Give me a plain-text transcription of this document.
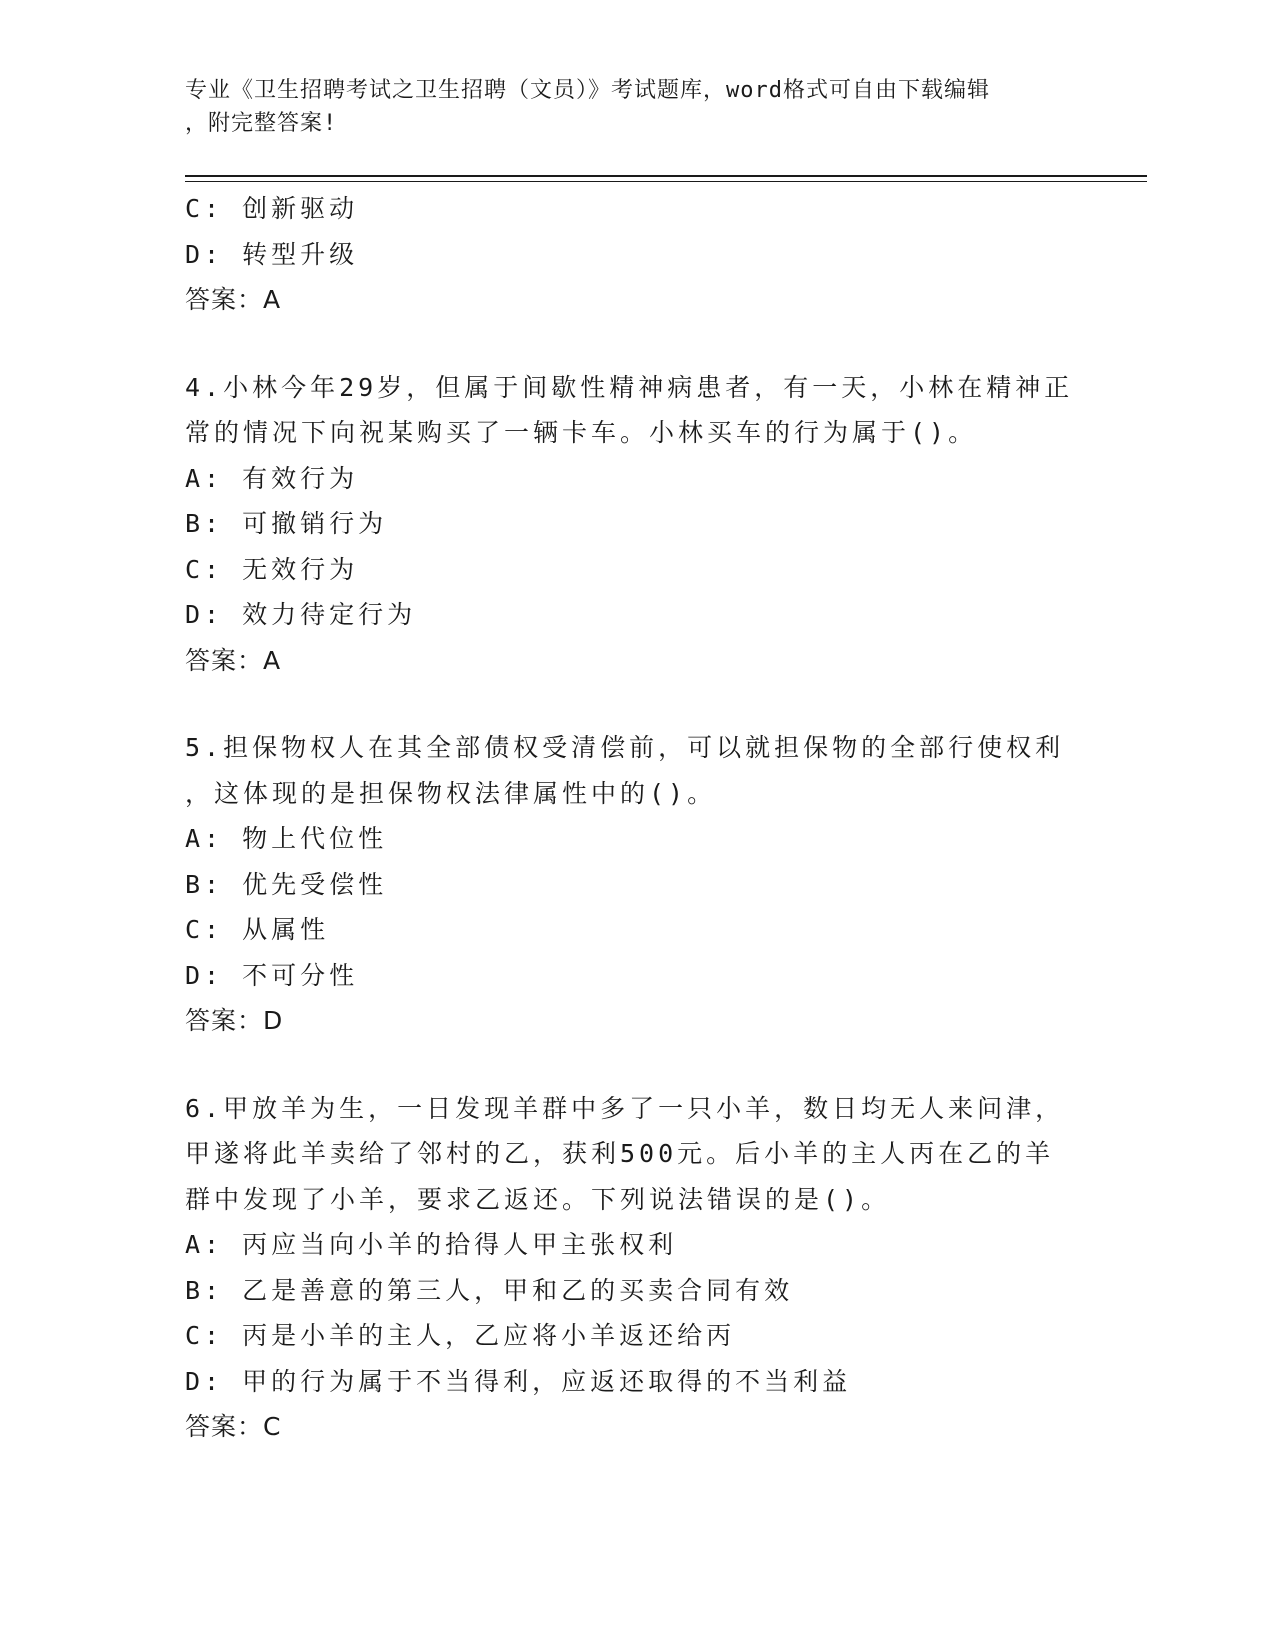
专业《卫生招聘考试之卫生招聘（文员）》考试题库，word格式可自由下载编辑
，附完整答案!
C: 创新驱动
D: 转型升级
答案：A
4.小林今年29岁，但属于间歇性精神病患者，有一天，小林在精神正
常的情况下向祝某购买了一辆卡车。小林买车的行为属于()。
A: 有效行为
B: 可撤销行为
C: 无效行为
D: 效力待定行为
答案：A
5.担保物权人在其全部债权受清偿前，可以就担保物的全部行使权利
，这体现的是担保物权法律属性中的()。
A: 物上代位性
B: 优先受偿性
C: 从属性
D: 不可分性
答案：D
6.甲放羊为生，一日发现羊群中多了一只小羊，数日均无人来问津，
甲遂将此羊卖给了邻村的乙，获利500元。后小羊的主人丙在乙的羊
群中发现了小羊，要求乙返还。下列说法错误的是()。
A: 丙应当向小羊的拾得人甲主张权利
B: 乙是善意的第三人，甲和乙的买卖合同有效
C: 丙是小羊的主人，乙应将小羊返还给丙
D: 甲的行为属于不当得利，应返还取得的不当利益
答案：C
